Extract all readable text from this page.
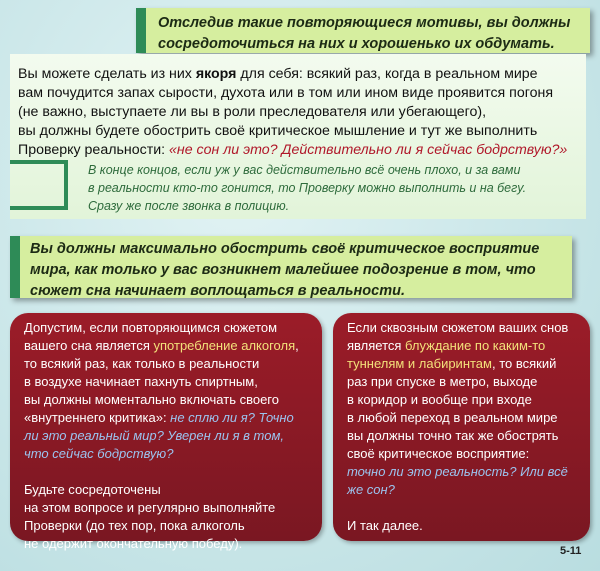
Отследив такие повторяющиеся мотивы, вы должны
сосредоточиться на них и хорошенько их обдумать.
Вы можете сделать из них якоря для себя: всякий раз, когда в реальном мире
вам почудится запах сырости, духота или в том или ином виде проявится погоня
(не важно, выступаете ли вы в роли преследователя или убегающего),
вы должны будете обострить своё критическое мышление и тут же выполнить
Проверку реальности: «не сон ли это? Действительно ли я сейчас бодрствую?»
В конце концов, если уж у вас действительно всё очень плохо, и за вами
в реальности кто-то гонится, то Проверку можно выполнить и на бегу.
Сразу же после звонка в полицию.
Вы должны максимально обострить своё критическое восприятие
мира, как только у вас возникнет малейшее подозрение в том, что
сюжет сна начинает воплощаться в реальности.
Допустим, если повторяющимся сюжетом
вашего сна является употребление алкоголя,
то всякий раз, как только в реальности
в воздухе начинает пахнуть спиртным,
вы должны моментально включать своего
«внутреннего критика»: не сплю ли я? Точно
ли это реальный мир? Уверен ли я в том,
что сейчас бодрствую?
Будьте сосредоточены
на этом вопросе и регулярно выполняйте
Проверки (до тех пор, пока алкоголь
не одержит окончательную победу).
Если сквозным сюжетом ваших снов
является блуждание по каким-то
туннелям и лабиринтам, то всякий
раз при спуске в метро, выходе
в коридор и вообще при входе
в любой переход в реальном мире
вы должны точно так же обострять
своё критическое восприятие:
точно ли это реальность? Или всё
же сон?
И так далее.
5-11
